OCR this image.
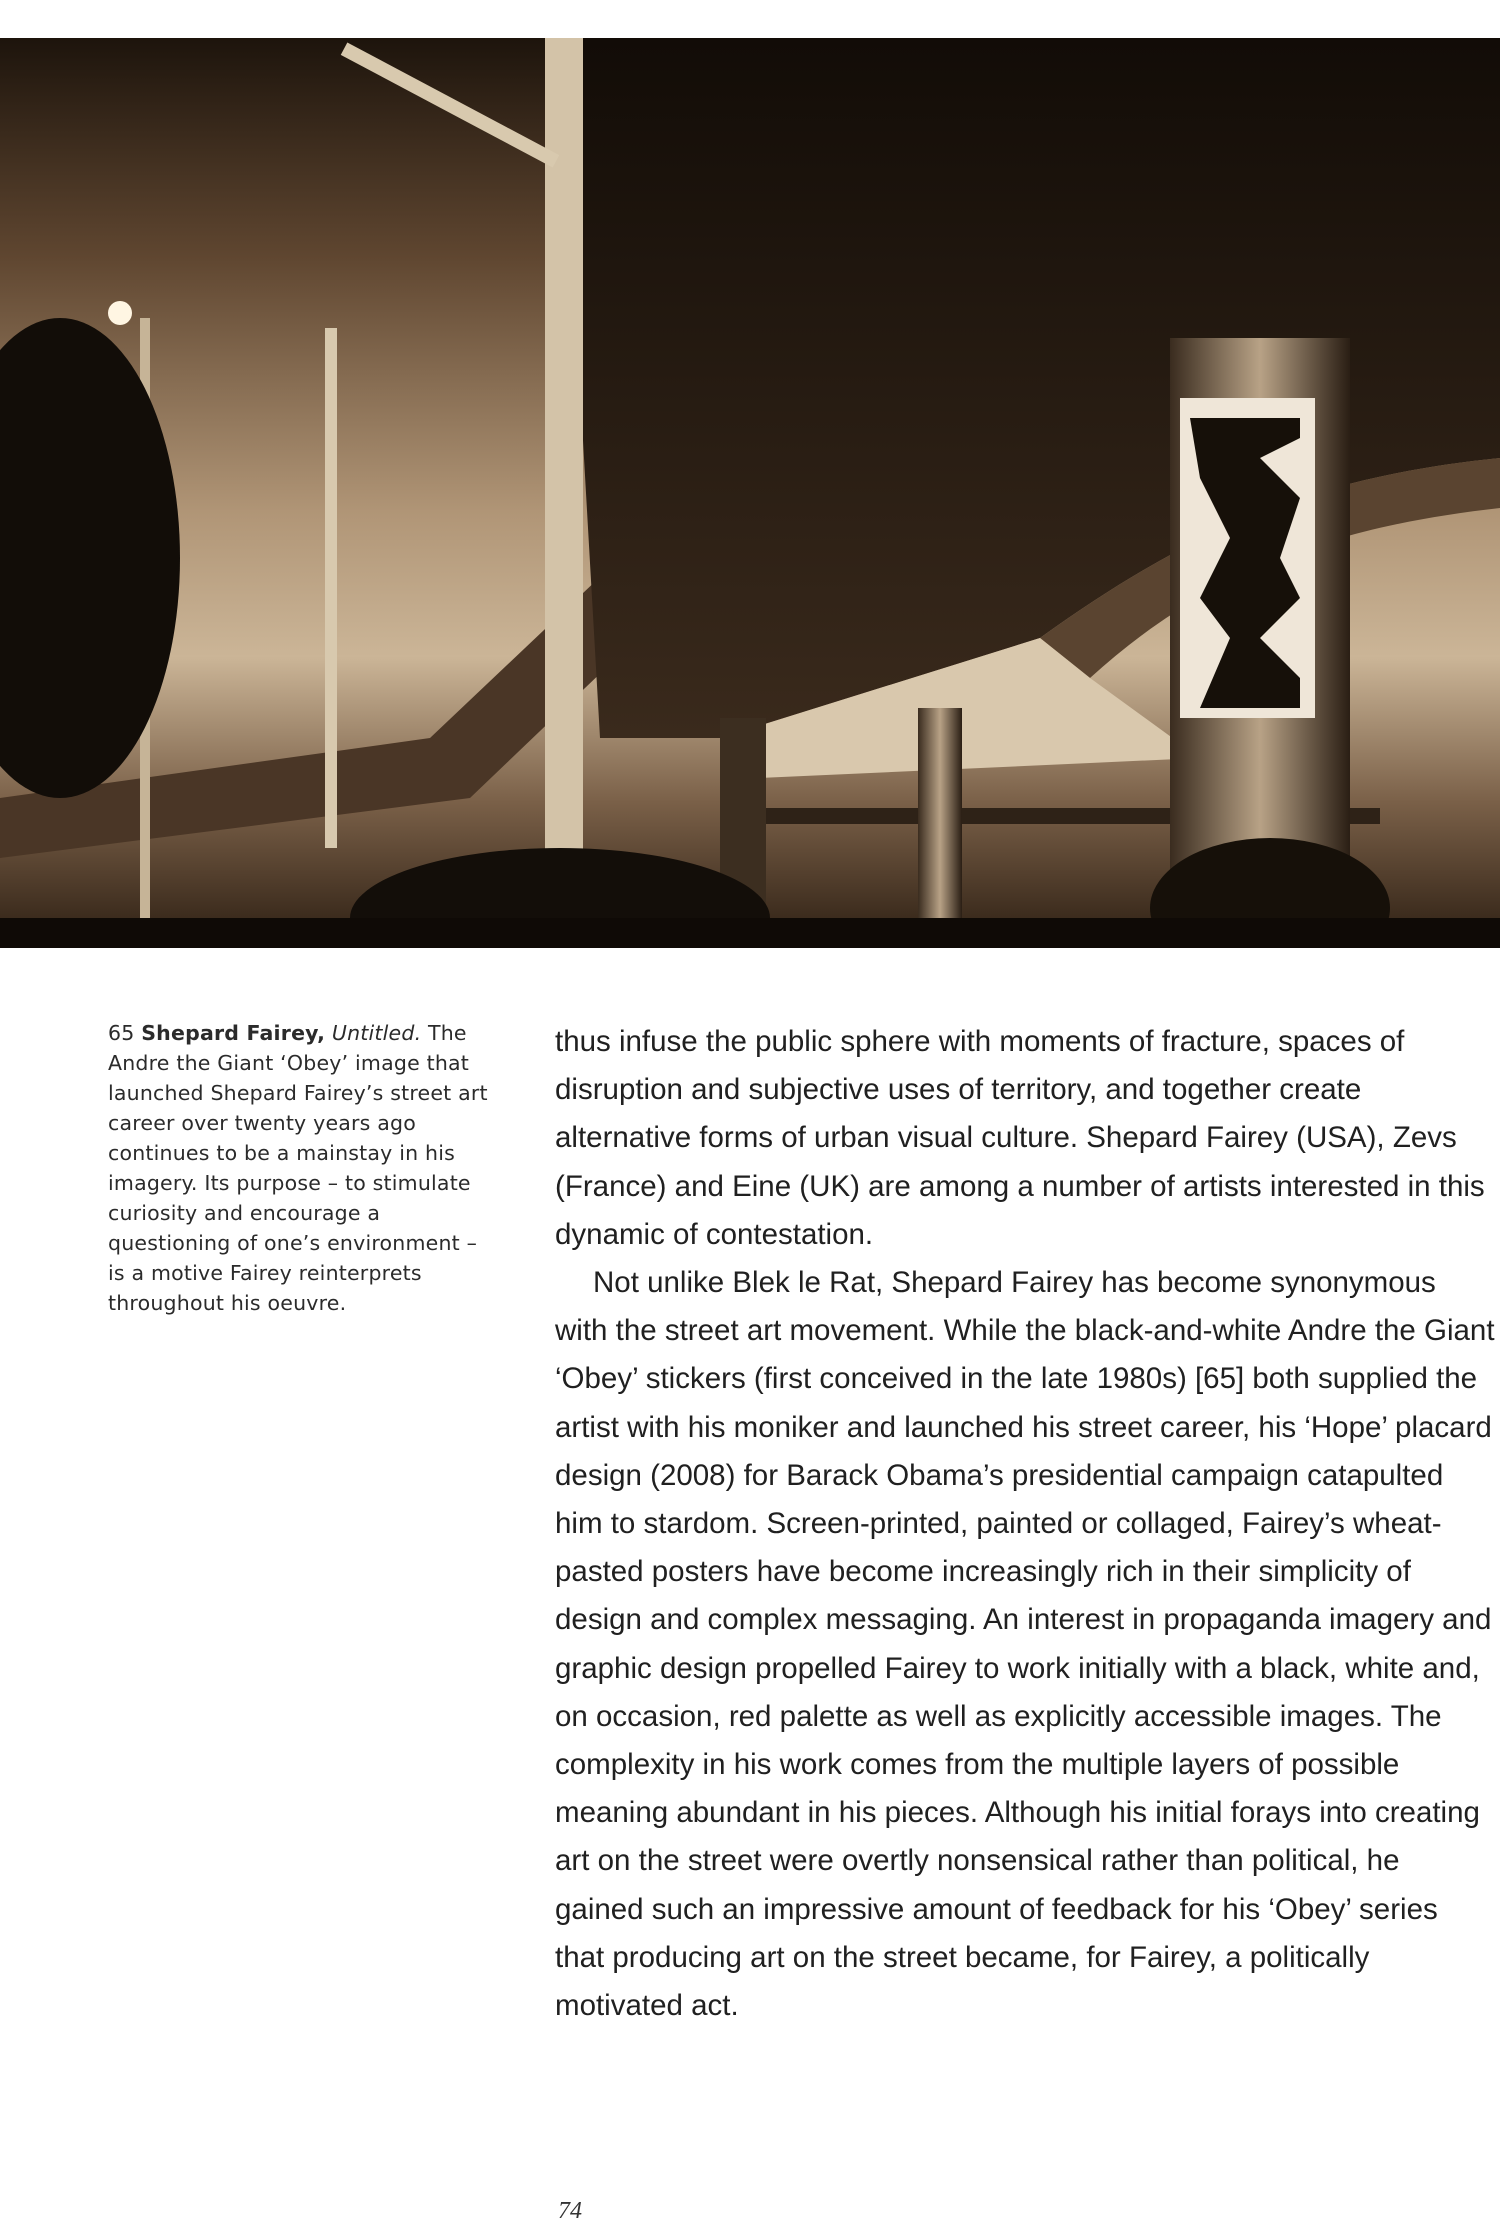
65 Shepard Fairey, Untitled. The Andre the Giant ‘Obey’ image that launched Shepard Fairey’s street art career over twenty years ago continues to be a mainstay in his imagery. Its purpose – to stimulate curiosity and encourage a questioning of one’s environment – is a motive Fairey reinterprets throughout his oeuvre.

thus infuse the public sphere with moments of fracture, spaces of disruption and subjective uses of territory, and together create alternative forms of urban visual culture. Shepard Fairey (USA), Zevs (France) and Eine (UK) are among a number of artists interested in this dynamic of contestation.

Not unlike Blek le Rat, Shepard Fairey has become synonymous with the street art movement. While the black-and-white Andre the Giant ‘Obey’ stickers (first conceived in the late 1980s) [65] both supplied the artist with his moniker and launched his street career, his ‘Hope’ placard design (2008) for Barack Obama’s presidential campaign catapulted him to stardom. Screen-printed, painted or collaged, Fairey’s wheat-pasted posters have become increasingly rich in their simplicity of design and complex messaging. An interest in propaganda imagery and graphic design propelled Fairey to work initially with a black, white and, on occasion, red palette as well as explicitly accessible images. The complexity in his work comes from the multiple layers of possible meaning abundant in his pieces. Although his initial forays into creating art on the street were overtly nonsensical rather than political, he gained such an impressive amount of feedback for his ‘Obey’ series that producing art on the street became, for Fairey, a politically motivated act.

74
